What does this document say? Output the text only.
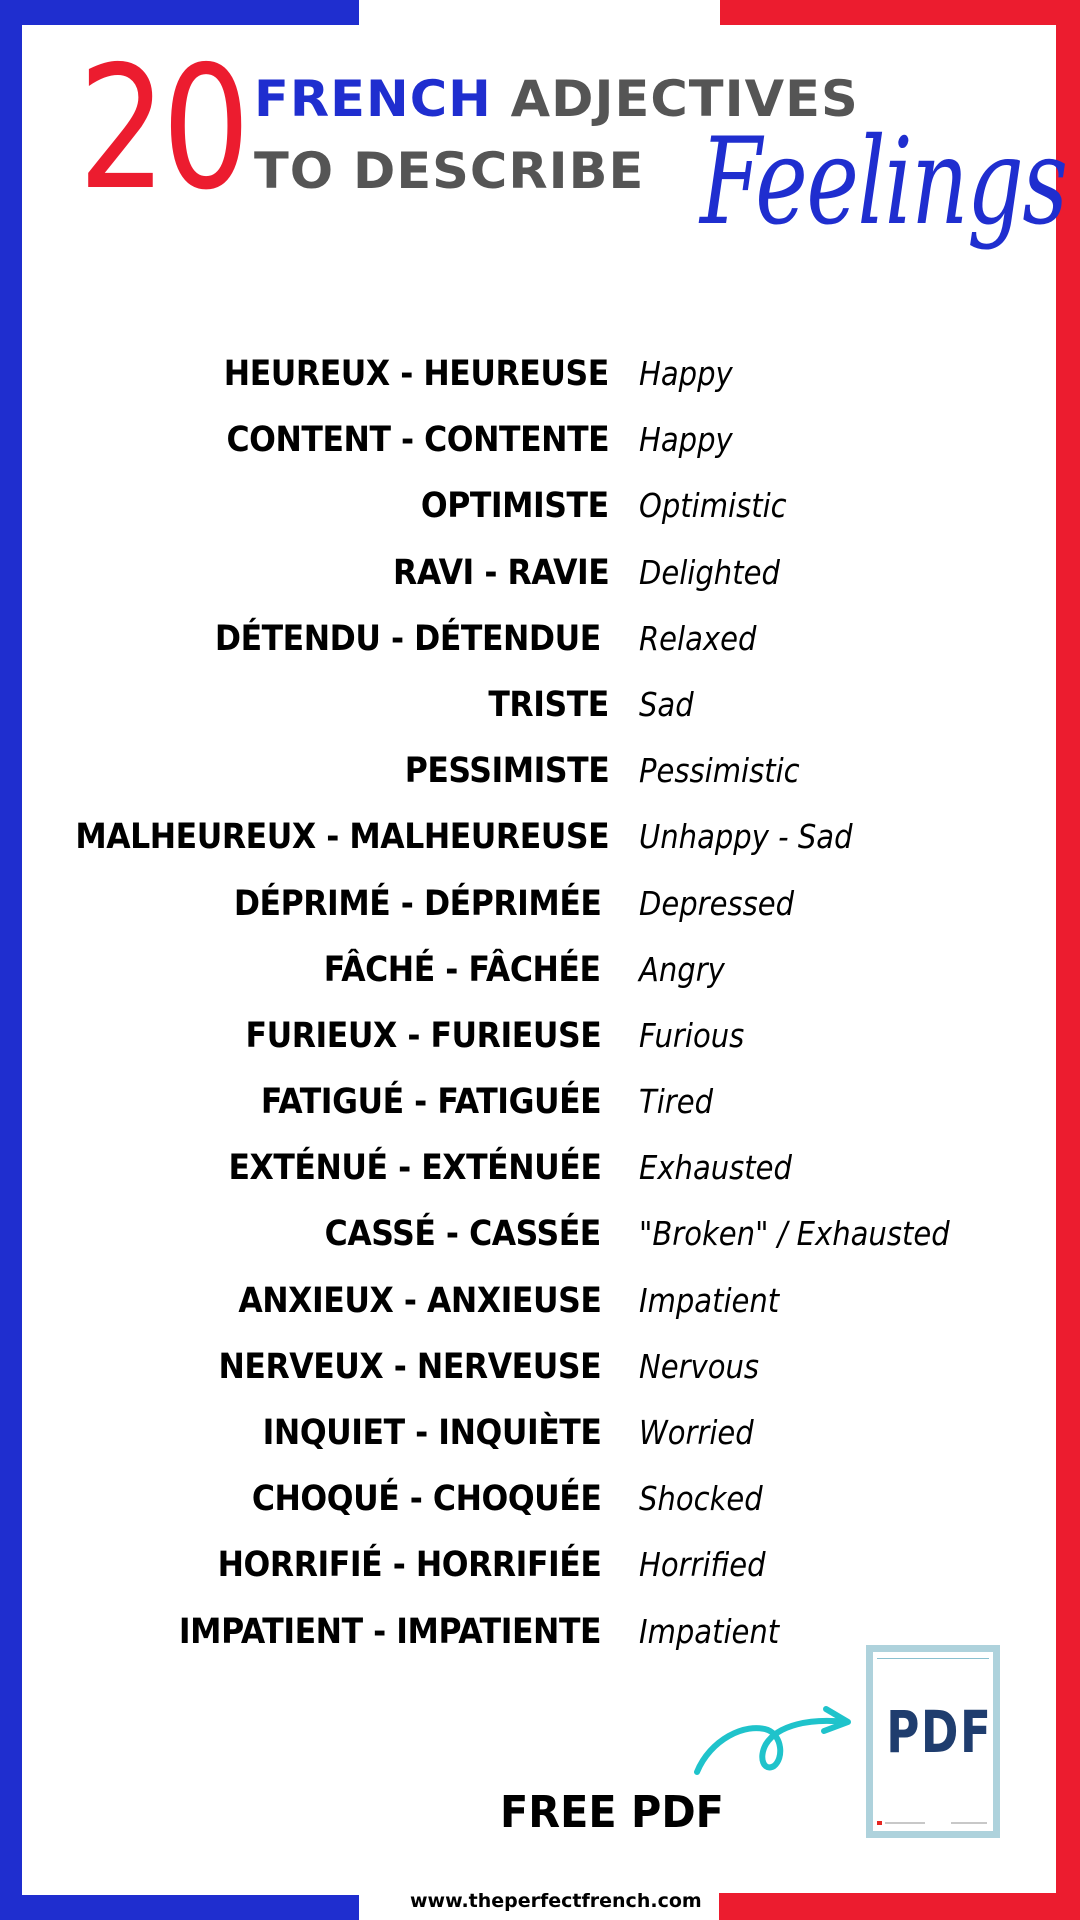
20 FRENCH ADJECTIVES
TO DESCRIBE Feelings
HEUREUX - HEUREUSE Happy
CONTENT - CONTENTE Happy
OPTIMISTE Optimistic
RAVI - RAVIE Delighted
DÉTENDU - DÉTENDUE Relaxed
TRISTE Sad
PESSIMISTE Pessimistic
MALHEUREUX - MALHEUREUSE Unhappy - Sad
DÉPRIMÉ - DÉPRIMÉE Depressed
FÂCHÉ - FÂCHÉE Angry
FURIEUX - FURIEUSE Furious
FATIGUÉ - FATIGUÉE Tired
EXTÉNUÉ - EXTÉNUÉE Exhausted
CASSÉ - CASSÉE "Broken" / Exhausted
ANXIEUX - ANXIEUSE Impatient
NERVEUX - NERVEUSE Nervous
INQUIET - INQUIÈTE Worried
CHOQUÉ - CHOQUÉE Shocked
HORRIFIÉ - HORRIFIÉE Horrified
IMPATIENT - IMPATIENTE Impatient
FREE PDF
PDF
www.theperfectfrench.com
